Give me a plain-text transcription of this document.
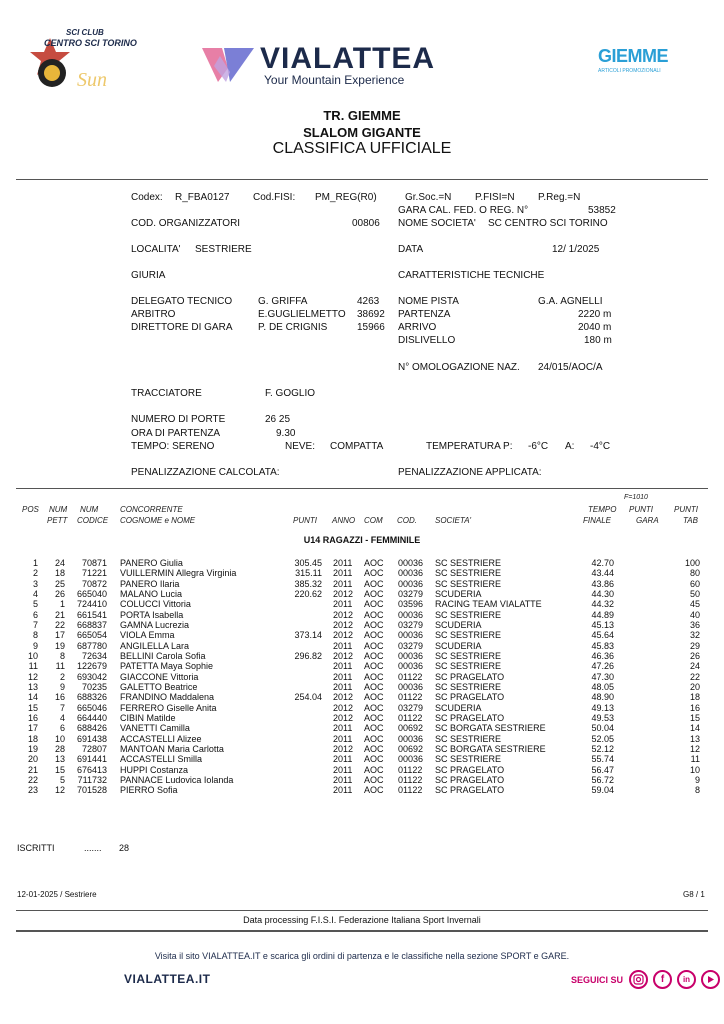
Sun
SCI CLUB
CENTRO SCI TORINO	VIALATTEA
Your Mountain Experience
GIEMME
ARTICOLI PROMOZIONALI
TR. GIEMME
SLALOM GIGANTE
CLASSIFICA UFFICIALE
Codex: R_FBA0127 Cod.FISI: PM_REG(R0)	Gr.Soc.=N P.FISI=N P.Reg.=N
GARA CAL. FED. O REG. N°	53852
COD. ORGANIZZATORI	00806 NOME SOCIETA' SC CENTRO SCI TORINO
LOCALITA' SESTRIERE	DATA	12/ 1/2025
GIURIA	CARATTERISTICHE TECNICHE
DELEGATO TECNICO	G. GRIFFA	4263 NOME PISTA	G.A. AGNELLI
ARBITRO	E.GUGLIELMETTO 38692 PARTENZA	2220 m
DIRETTORE DI GARA	P. DE CRIGNIS	15966 ARRIVO	2040 m
DISLIVELLO	180 m
N° OMOLOGAZIONE NAZ. 24/015/AOC/A
TRACCIATORE	F. GOGLIO
NUMERO DI PORTE	26 25
ORA DI PARTENZA	9.30
TEMPO: SERENO	NEVE: COMPATTA	TEMPERATURA P: -6°C A: -4°C
PENALIZZAZIONE CALCOLATA:	PENALIZZAZIONE APPLICATA:
POS NUM
PETT
NUM
CODICE
CONCORRENTE
COGNOME e NOME	PUNTI ANNO COM COD. SOCIETA'
TEMPO
FINALE
F=1010
PUNTI
GARA
PUNTI
TAB
U14 RAGAZZI - FEMMINILE
1	24	70871 PANERO Giulia	305.45 2011	AOC	00036	SC SESTRIERE	42.70	100
2	18	71221 VUILLERMIN Allegra Virginia	315.11 2011	AOC	00036	SC SESTRIERE	43.44	80
3	25	70872 PANERO Ilaria	385.32 2011	AOC	00036	SC SESTRIERE	43.86	60
4	26	665040 MALANO Lucia	220.62 2012	AOC	03279	SCUDERIA	44.30	50
5	1	724410 COLUCCI Vittoria	2011	AOC	03596	RACING TEAM VIALATTE	44.32	45
6	21	661541 PORTA Isabella	2012	AOC	00036	SC SESTRIERE	44.89	40
7	22	668837 GAMNA Lucrezia	2012	AOC	03279	SCUDERIA	45.13	36
8	17	665054 VIOLA Emma	373.14 2012	AOC	00036	SC SESTRIERE	45.64	32
9	19	687780 ANGILELLA Lara	2011	AOC	03279	SCUDERIA	45.83	29
10	8	72634 BELLINI Carola Sofia	296.82 2012	AOC	00036	SC SESTRIERE	46.36	26
11	11	122679 PATETTA Maya Sophie	2011	AOC	00036	SC SESTRIERE	47.26	24
12	2	693042 GIACCONE Vittoria	2011	AOC	01122	SC PRAGELATO	47.30	22
13	9	70235 GALETTO Beatrice	2011	AOC	00036	SC SESTRIERE	48.05	20
14	16	688326 FRANDINO Maddalena	254.04 2012	AOC	01122	SC PRAGELATO	48.90	18
15	7	665046 FERRERO Giselle Anita	2012	AOC	03279	SCUDERIA	49.13	16
16	4	664440 CIBIN Matilde	2012	AOC	01122	SC PRAGELATO	49.53	15
17	6	688426 VANETTI Camilla	2011	AOC	00692	SC BORGATA SESTRIERE	50.04	14
18	10	691438 ACCASTELLI Alizee	2011	AOC	00036	SC SESTRIERE	52.05	13
19	28	72807 MANTOAN Maria Carlotta	2012	AOC	00692	SC BORGATA SESTRIERE	52.12	12
20	13	691441 ACCASTELLI Smilla	2011	AOC	00036	SC SESTRIERE	55.74	11
21	15	676413 HUPPI Costanza	2011	AOC	01122	SC PRAGELATO	56.47	10
22	5	711732 PANNACE Ludovica Iolanda	2011	AOC	01122	SC PRAGELATO	56.72	9
23	12	701528 PIERRO Sofia	2011	AOC	01122	SC PRAGELATO	59.04	8
ISCRITTI	....... 28
12-01-2025 / Sestriere	G8 / 1
Data processing F.I.S.I. Federazione Italiana Sport Invernali
Visita il sito VIALATTEA.IT e scarica gli ordini di partenza e le classifiche nella sezione SPORT e GARE.
VIALATTEA.IT	SEGUICI SU	f	in
